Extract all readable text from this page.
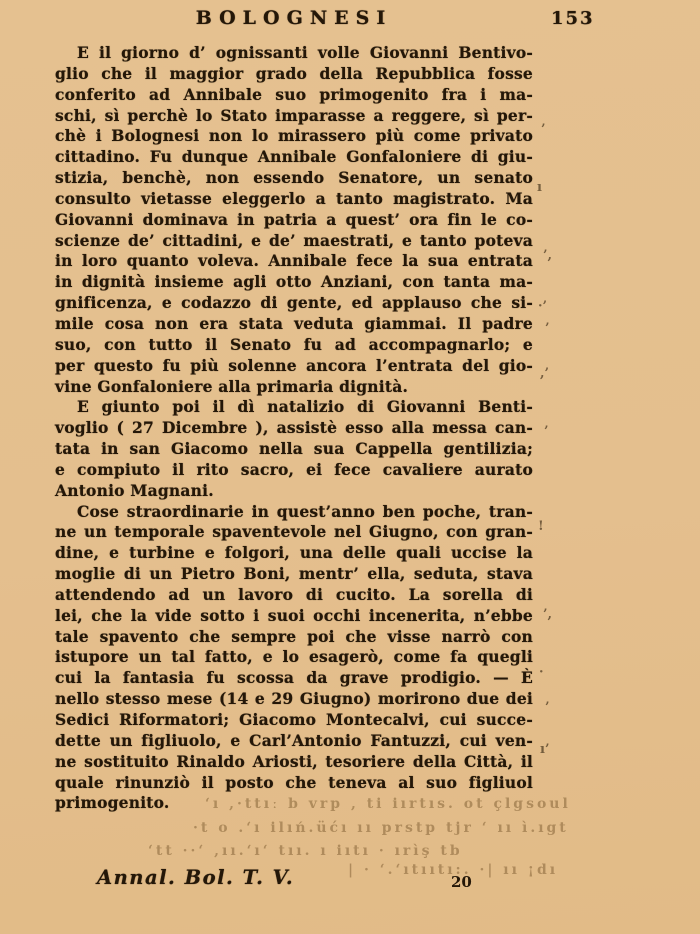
BOLOGNESI	153
E il giorno d’ ognissanti volle Giovanni Bentivo-
glio che il maggior grado della Repubblica fosse
conferito ad Annibale suo primogenito fra i ma-
schi, sì perchè lo Stato imparasse a reggere, sì per-
chè i Bolognesi non lo mirassero più come privato
cittadino. Fu dunque Annibale Gonfaloniere di giu-
stizia, benchè, non essendo Senatore, un senato
consulto vietasse eleggerlo a tanto magistrato. Ma
Giovanni dominava in patria a quest’ ora fin le co-
scienze de’ cittadini, e de’ maestrati, e tanto poteva
in loro quanto voleva. Annibale fece la sua entrata
in dignità insieme agli otto Anziani, con tanta ma-
gnificenza, e codazzo di gente, ed applauso che si-
mile cosa non era stata veduta giammai. Il padre
suo, con tutto il Senato fu ad accompagnarlo; e
per questo fu più solenne ancora l’entrata del gio-
vine Gonfaloniere alla primaria dignità.
E giunto poi il dì natalizio di Giovanni Benti-
voglio ( 27 Dicembre ), assistè esso alla messa can-
tata in san Giacomo nella sua Cappella gentilizia;
e compiuto il rito sacro, ei fece cavaliere aurato
Antonio Magnani.
Cose straordinarie in quest’anno ben poche, tran-
ne un temporale spaventevole nel Giugno, con gran-
dine, e turbine e folgori, una delle quali uccise la
moglie di un Pietro Boni, mentr’ ella, seduta, stava
attendendo ad un lavoro di cucito. La sorella di
lei, che la vide sotto i suoi occhi incenerita, n’ebbe
tale spavento che sempre poi che visse narrò con
istupore un tal fatto, e lo esagerò, come fa quegli
cui la fantasia fu scossa da grave prodigio. — È
nello stesso mese (14 e 29 Giugno) morirono due dei
Sedici Riformatori; Giacomo Montecalvi, cui succe-
dette un figliuolo, e Carl’Antonio Fantuzzi, cui ven-
ne sostituito Rinaldo Ariosti, tesoriere della Città, il
quale rinunziò il posto che teneva al suo figliuol
primogenito.	ʻı ,·ttıː b vrp , ti iırtıs. ot çlgsoul
·t o .ʻı ilıń.üćı ıı prstp tjr ʻ ıı ì.ıgt
ʻtt ··ʻ ,ıı.ʻıʻ tıı. ı iıtı · ırìş tb
| · ʻ.ʻıtııtı:. ·| ıı ¡dı
’
ı
’,
·’
’
,’
’
!
’,
·
’
ı’
Annal. Bol. T. V.	20
